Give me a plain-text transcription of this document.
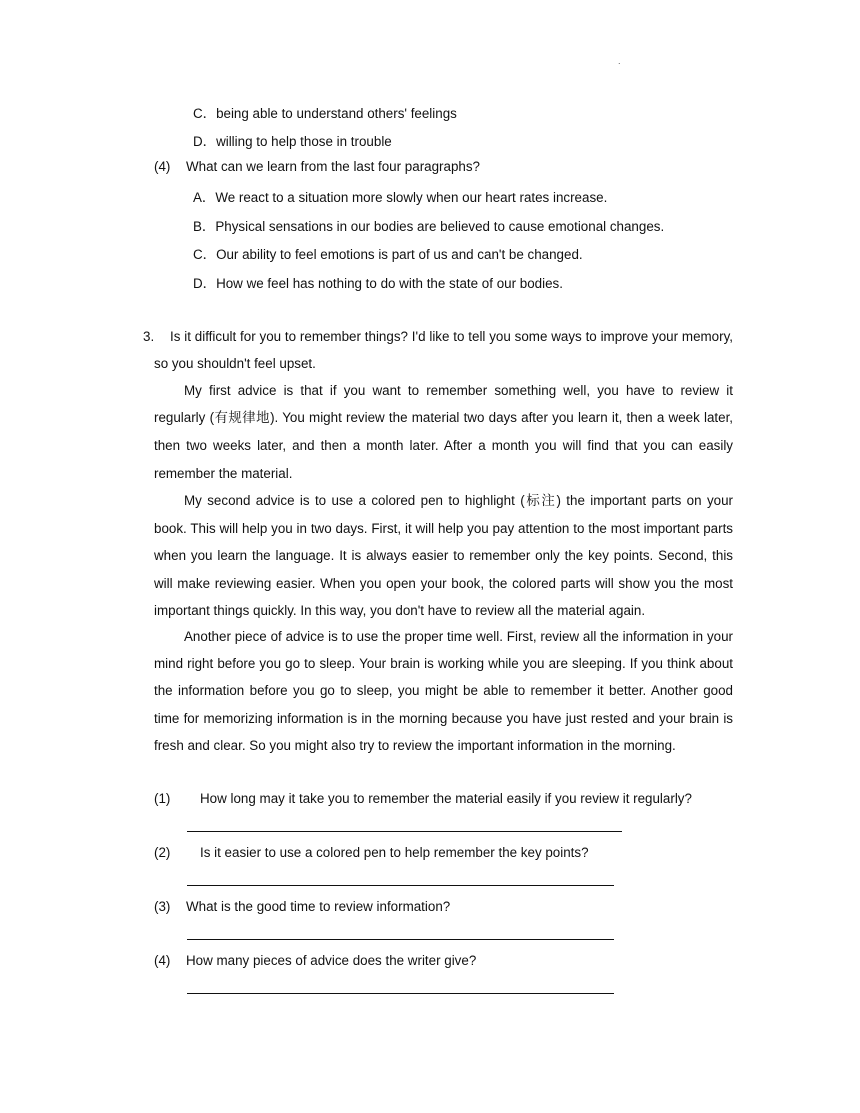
.
C．being able to understand others' feelings
D．willing to help those in trouble
(4) What can we learn from the last four paragraphs?
A．We react to a situation more slowly when our heart rates increase.
B．Physical sensations in our bodies are believed to cause emotional changes.
C．Our ability to feel emotions is part of us and can't be changed.
D．How we feel has nothing to do with the state of our bodies.
3.	Is it difficult for you to remember things? I'd like to tell you some ways to improve your memory, so you shouldn't feel upset.
My first advice is that if you want to remember something well, you have to review it regularly (有规律地). You might review the material two days after you learn it, then a week later, then two weeks later, and then a month later. After a month you will find that you can easily remember the material.
My second advice is to use a colored pen to highlight (标注) the important parts on your book. This will help you in two days. First, it will help you pay attention to the most important parts when you learn the language. It is always easier to remember only the key points. Second, this will make reviewing easier. When you open your book, the colored parts will show you the most important things quickly. In this way, you don't have to review all the material again.
Another piece of advice is to use the proper time well. First, review all the information in your mind right before you go to sleep. Your brain is working while you are sleeping. If you think about the information before you go to sleep, you might be able to remember it better. Another good time for memorizing information is in the morning because you have just rested and your brain is fresh and clear. So you might also try to review the important information in the morning.
(1) How long may it take you to remember the material easily if you review it regularly?
(2) Is it easier to use a colored pen to help remember the key points?
(3) What is the good time to review information?
(4) How many pieces of advice does the writer give?
